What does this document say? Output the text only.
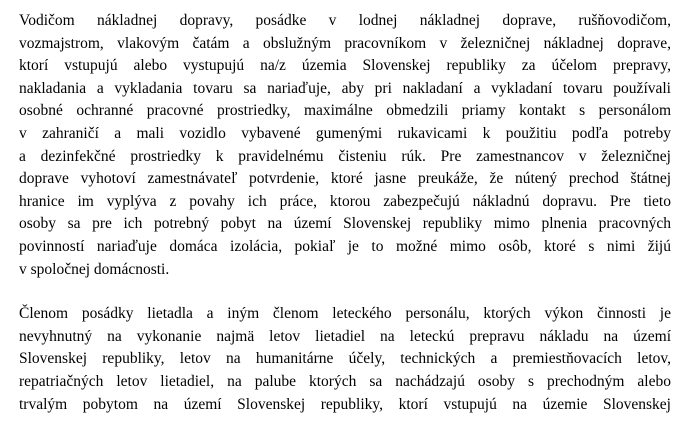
Vodičom nákladnej dopravy, posádke v lodnej nákladnej doprave, rušňovodičom,
vozmajstrom, vlakovým čatám a obslužným pracovníkom v železničnej nákladnej doprave,
ktorí vstupujú alebo vystupujú na/z územia Slovenskej republiky za účelom prepravy,
nakladania a vykladania tovaru sa nariaďuje, aby pri nakladaní a vykladaní tovaru používali
osobné ochranné pracovné prostriedky, maximálne obmedzili priamy kontakt s personálom
v zahraničí a mali vozidlo vybavené gumenými rukavicami k použitiu podľa potreby
a dezinfekčné prostriedky k pravidelnému čisteniu rúk. Pre zamestnancov v železničnej
doprave vyhotoví zamestnávateľ potvrdenie, ktoré jasne preukáže, že nútený prechod štátnej
hranice im vyplýva z povahy ich práce, ktorou zabezpečujú nákladnú dopravu. Pre tieto
osoby sa pre ich potrebný pobyt na území Slovenskej republiky mimo plnenia pracovných
povinností nariaďuje domáca izolácia, pokiaľ je to možné mimo osôb, ktoré s nimi žijú
v spoločnej domácnosti.
Členom posádky lietadla a iným členom leteckého personálu, ktorých výkon činnosti je
nevyhnutný na vykonanie najmä letov lietadiel na leteckú prepravu nákladu na území
Slovenskej republiky, letov na humanitárne účely, technických a premiestňovacích letov,
repatriačných letov lietadiel, na palube ktorých sa nachádzajú osoby s prechodným alebo
trvalým pobytom na území Slovenskej republiky, ktorí vstupujú na územie Slovenskej
